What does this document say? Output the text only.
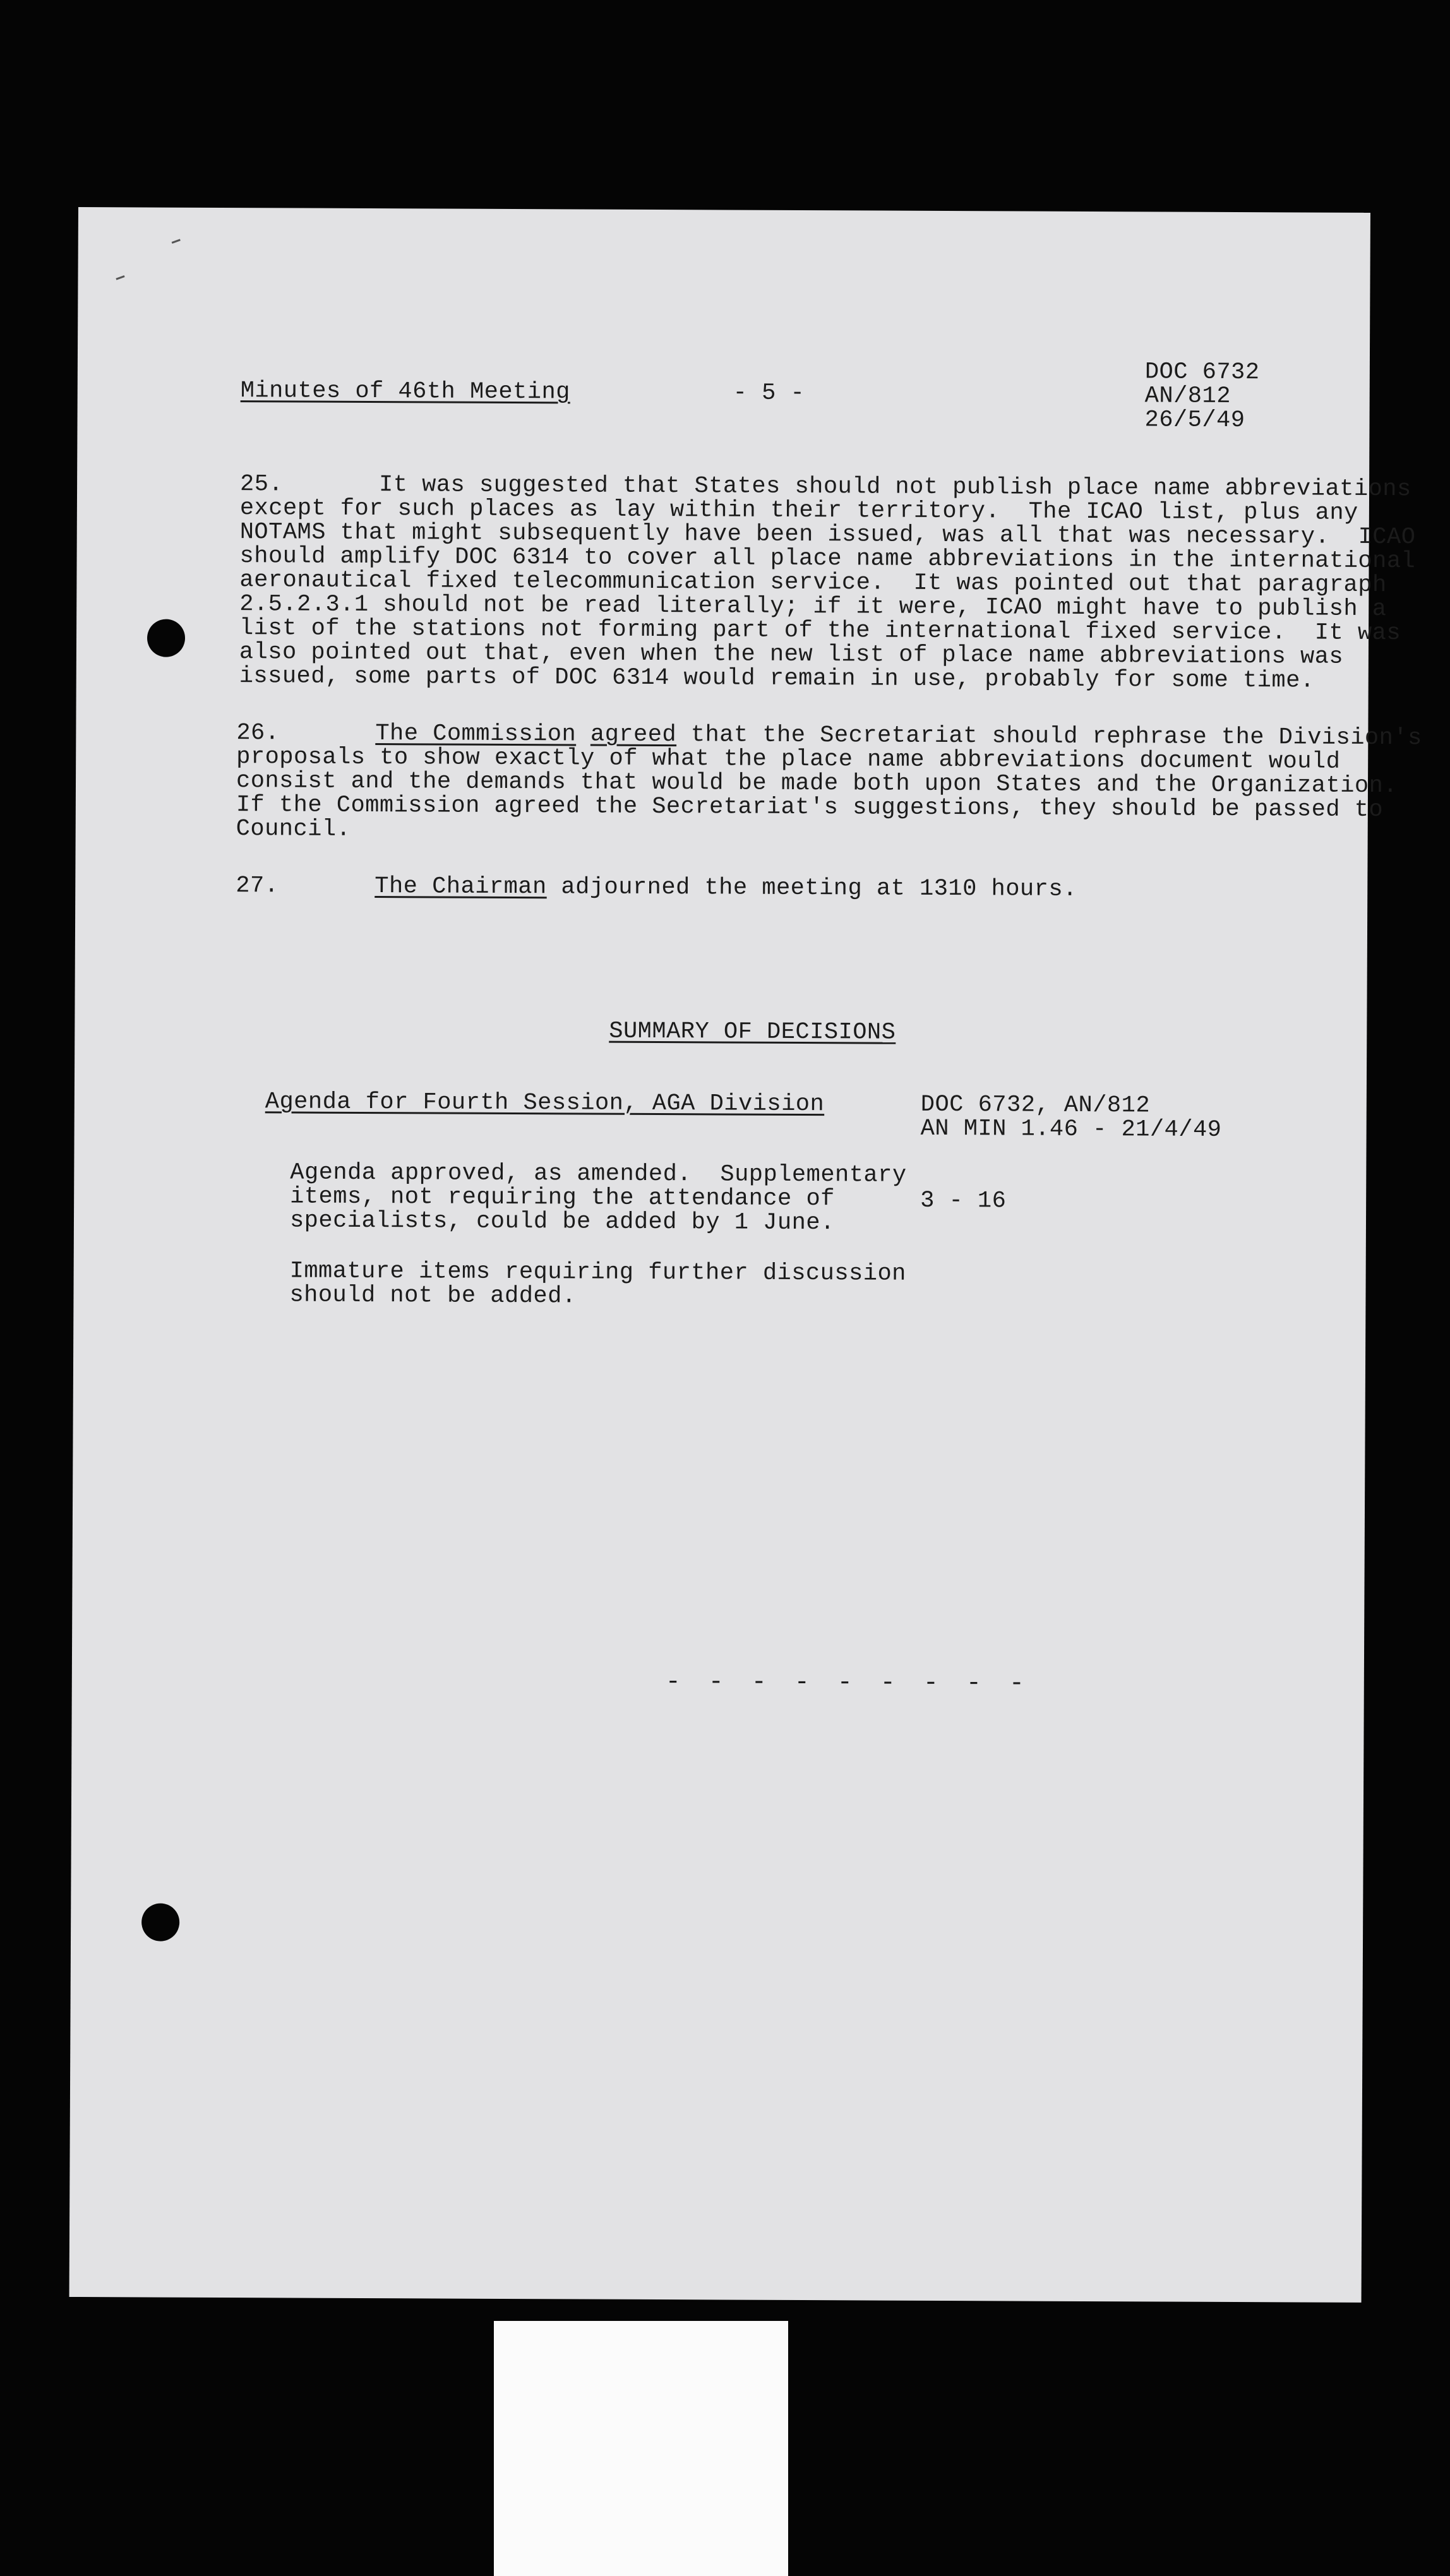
Minutes of 46th Meeting	- 5 -
DOC 6732
AN/812
26/5/49
25.	It was suggested that States should not publish place name abbreviations
except for such places as lay within their territory.  The ICAO list, plus any
NOTAMS that might subsequently have been issued, was all that was necessary.  ICAO
should amplify DOC 6314 to cover all place name abbreviations in the international
aeronautical fixed telecommunication service.  It was pointed out that paragraph
2.5.2.3.1 should not be read literally; if it were, ICAO might have to publish a
list of the stations not forming part of the international fixed service.  It was
also pointed out that, even when the new list of place name abbreviations was
issued, some parts of DOC 6314 would remain in use, probably for some time.
26.	The Commission agreed that the Secretariat should rephrase the Division's
proposals to show exactly of what the place name abbreviations document would
consist and the demands that would be made both upon States and the Organization.
If the Commission agreed the Secretariat's suggestions, they should be passed to
Council.
27.	The Chairman adjourned the meeting at 1310 hours.
SUMMARY OF DECISIONS
Agenda for Fourth Session, AGA Division	DOC 6732, AN/812
AN MIN 1.46 - 21/4/49
Agenda approved, as amended.  Supplementary
items, not requiring the attendance of
specialists, could be added by 1 June.
3 - 16
Immature items requiring further discussion
should not be added.
- - - - - - - - -
